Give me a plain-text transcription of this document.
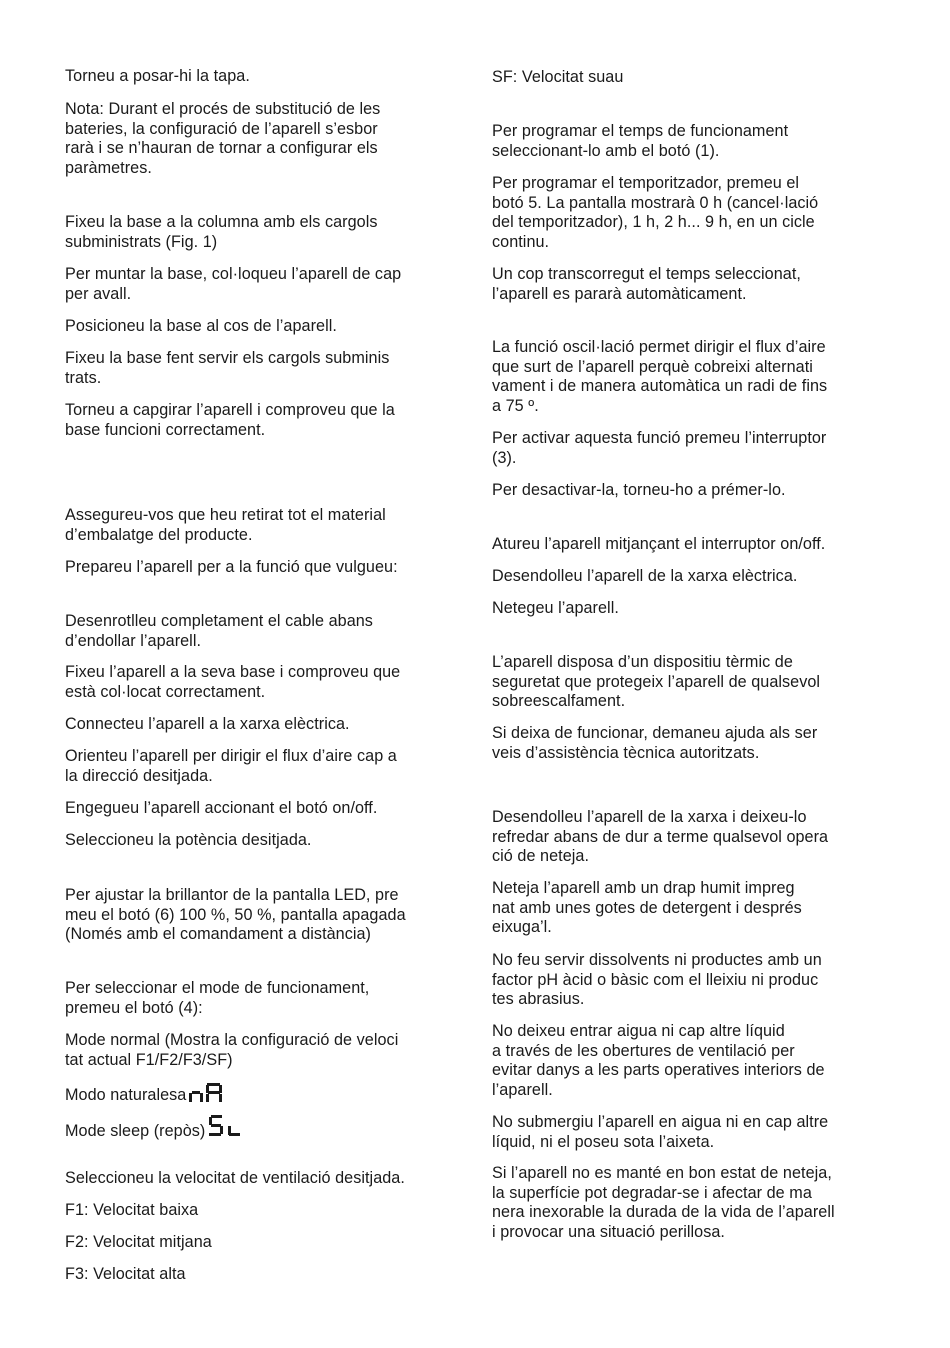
Torneu a posar-hi la tapa.

Nota: Durant el procés de substitució de les
bateries, la configuració de l’aparell s’esbor
rarà i se n’hauran de tornar a configurar els
paràmetres.

Fixeu la base a la columna amb els cargols
subministrats (Fig. 1)

Per muntar la base, col·loqueu l’aparell de cap
per avall.

Posicioneu la base al cos de l’aparell.

Fixeu la base fent servir els cargols subminis
trats.

Torneu a capgirar l’aparell i comproveu que la
base funcioni correctament.

Assegureu-vos que heu retirat tot el material
d’embalatge del producte.

Prepareu l’aparell per a la funció que vulgueu:

Desenrotlleu completament el cable abans
d’endollar l’aparell.

Fixeu l’aparell a la seva base i comproveu que
està col·locat correctament.

Connecteu l’aparell a la xarxa elèctrica.

Orienteu l’aparell per dirigir el flux d’aire cap a
la direcció desitjada.

Engegueu l’aparell accionant el botó on/off.

Seleccioneu la potència desitjada.

Per ajustar la brillantor de la pantalla LED, pre
meu el botó (6) 100 %, 50 %, pantalla apagada
(Només amb el comandament a distància)

Per seleccionar el mode de funcionament,
premeu el botó (4):

Mode normal (Mostra la configuració de veloci
tat actual F1/F2/F3/SF)

Modo naturalesa
Mode sleep (repòs)

Seleccioneu la velocitat de ventilació desitjada.

F1: Velocitat baixa

F2: Velocitat mitjana

F3: Velocitat alta

SF: Velocitat suau

Per programar el temps de funcionament
seleccionant-lo amb el botó (1).

Per programar el temporitzador, premeu el
botó 5. La pantalla mostrarà 0 h (cancel·lació
del temporitzador), 1 h, 2 h... 9 h, en un cicle
continu.

Un cop transcorregut el temps seleccionat,
l’aparell es pararà automàticament.

La funció oscil·lació permet dirigir el flux d’aire
que surt de l’aparell perquè cobreixi alternati
vament i de manera automàtica un radi de fins
a 75 º.

Per activar aquesta funció premeu l’interruptor
(3).

Per desactivar-la, torneu-ho a prémer-lo.

Atureu l’aparell mitjançant el interruptor on/off.

Desendolleu l’aparell de la xarxa elèctrica.

Netegeu l’aparell.

L’aparell disposa d’un dispositiu tèrmic de
seguretat que protegeix l’aparell de qualsevol
sobreescalfament.

Si deixa de funcionar, demaneu ajuda als ser
veis d’assistència tècnica autoritzats.

Desendolleu l’aparell de la xarxa i deixeu-lo
refredar abans de dur a terme qualsevol opera
ció de neteja.

Neteja l’aparell amb un drap humit impreg
nat amb unes gotes de detergent i després
eixuga’l.

No feu servir dissolvents ni productes amb un
factor pH àcid o bàsic com el lleixiu ni produc
tes abrasius.

No deixeu entrar aigua ni cap altre líquid
a través de les obertures de ventilació per
evitar danys a les parts operatives interiors de
l’aparell.

No submergiu l’aparell en aigua ni en cap altre
líquid, ni el poseu sota l’aixeta.

Si l’aparell no es manté en bon estat de neteja,
la superfície pot degradar-se i afectar de ma
nera inexorable la durada de la vida de l’aparell
i provocar una situació perillosa.
